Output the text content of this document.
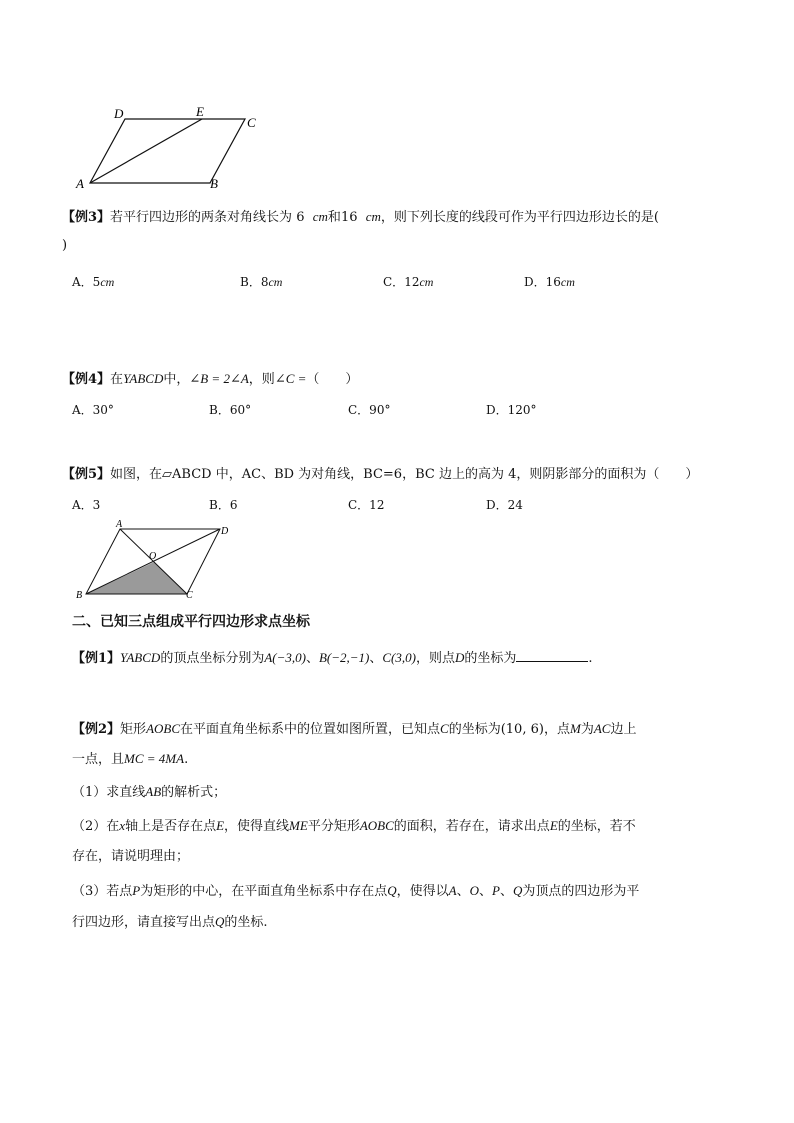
D	E
C
A	B
【例3】若平行四边形的两条对角线长为 6 cm和16 cm，则下列长度的线段可作为平行四边形边长的是(
)
A．5cm	B．8cm	C．12cm	D．16cm
【例4】在YABCD中，∠B = 2∠A，则∠C =（　　）
A．30°	B．60°	C．90°	D．120°
【例5】如图，在▱ABCD 中，AC、BD 为对角线，BC=6，BC 边上的高为 4，则阴影部分的面积为（　　）
A．3	B．6	C．12	D．24
A
D
O
B	C
二、已知三点组成平行四边形求点坐标
【例1】YABCD的顶点坐标分别为A(−3,0)、B(−2,−1)、C(3,0)，则点D的坐标为	.
【例2】矩形AOBC在平面直角坐标系中的位置如图所置，已知点C的坐标为(10, 6)，点M为AC边上
一点，且MC = 4MA.
（1）求直线AB的解析式；
（2）在x轴上是否存在点E，使得直线ME平分矩形AOBC的面积，若存在，请求出点E的坐标，若不
存在，请说明理由；
（3）若点P为矩形的中心，在平面直角坐标系中存在点Q，使得以A、O、P、Q为顶点的四边形为平
行四边形，请直接写出点Q的坐标.
